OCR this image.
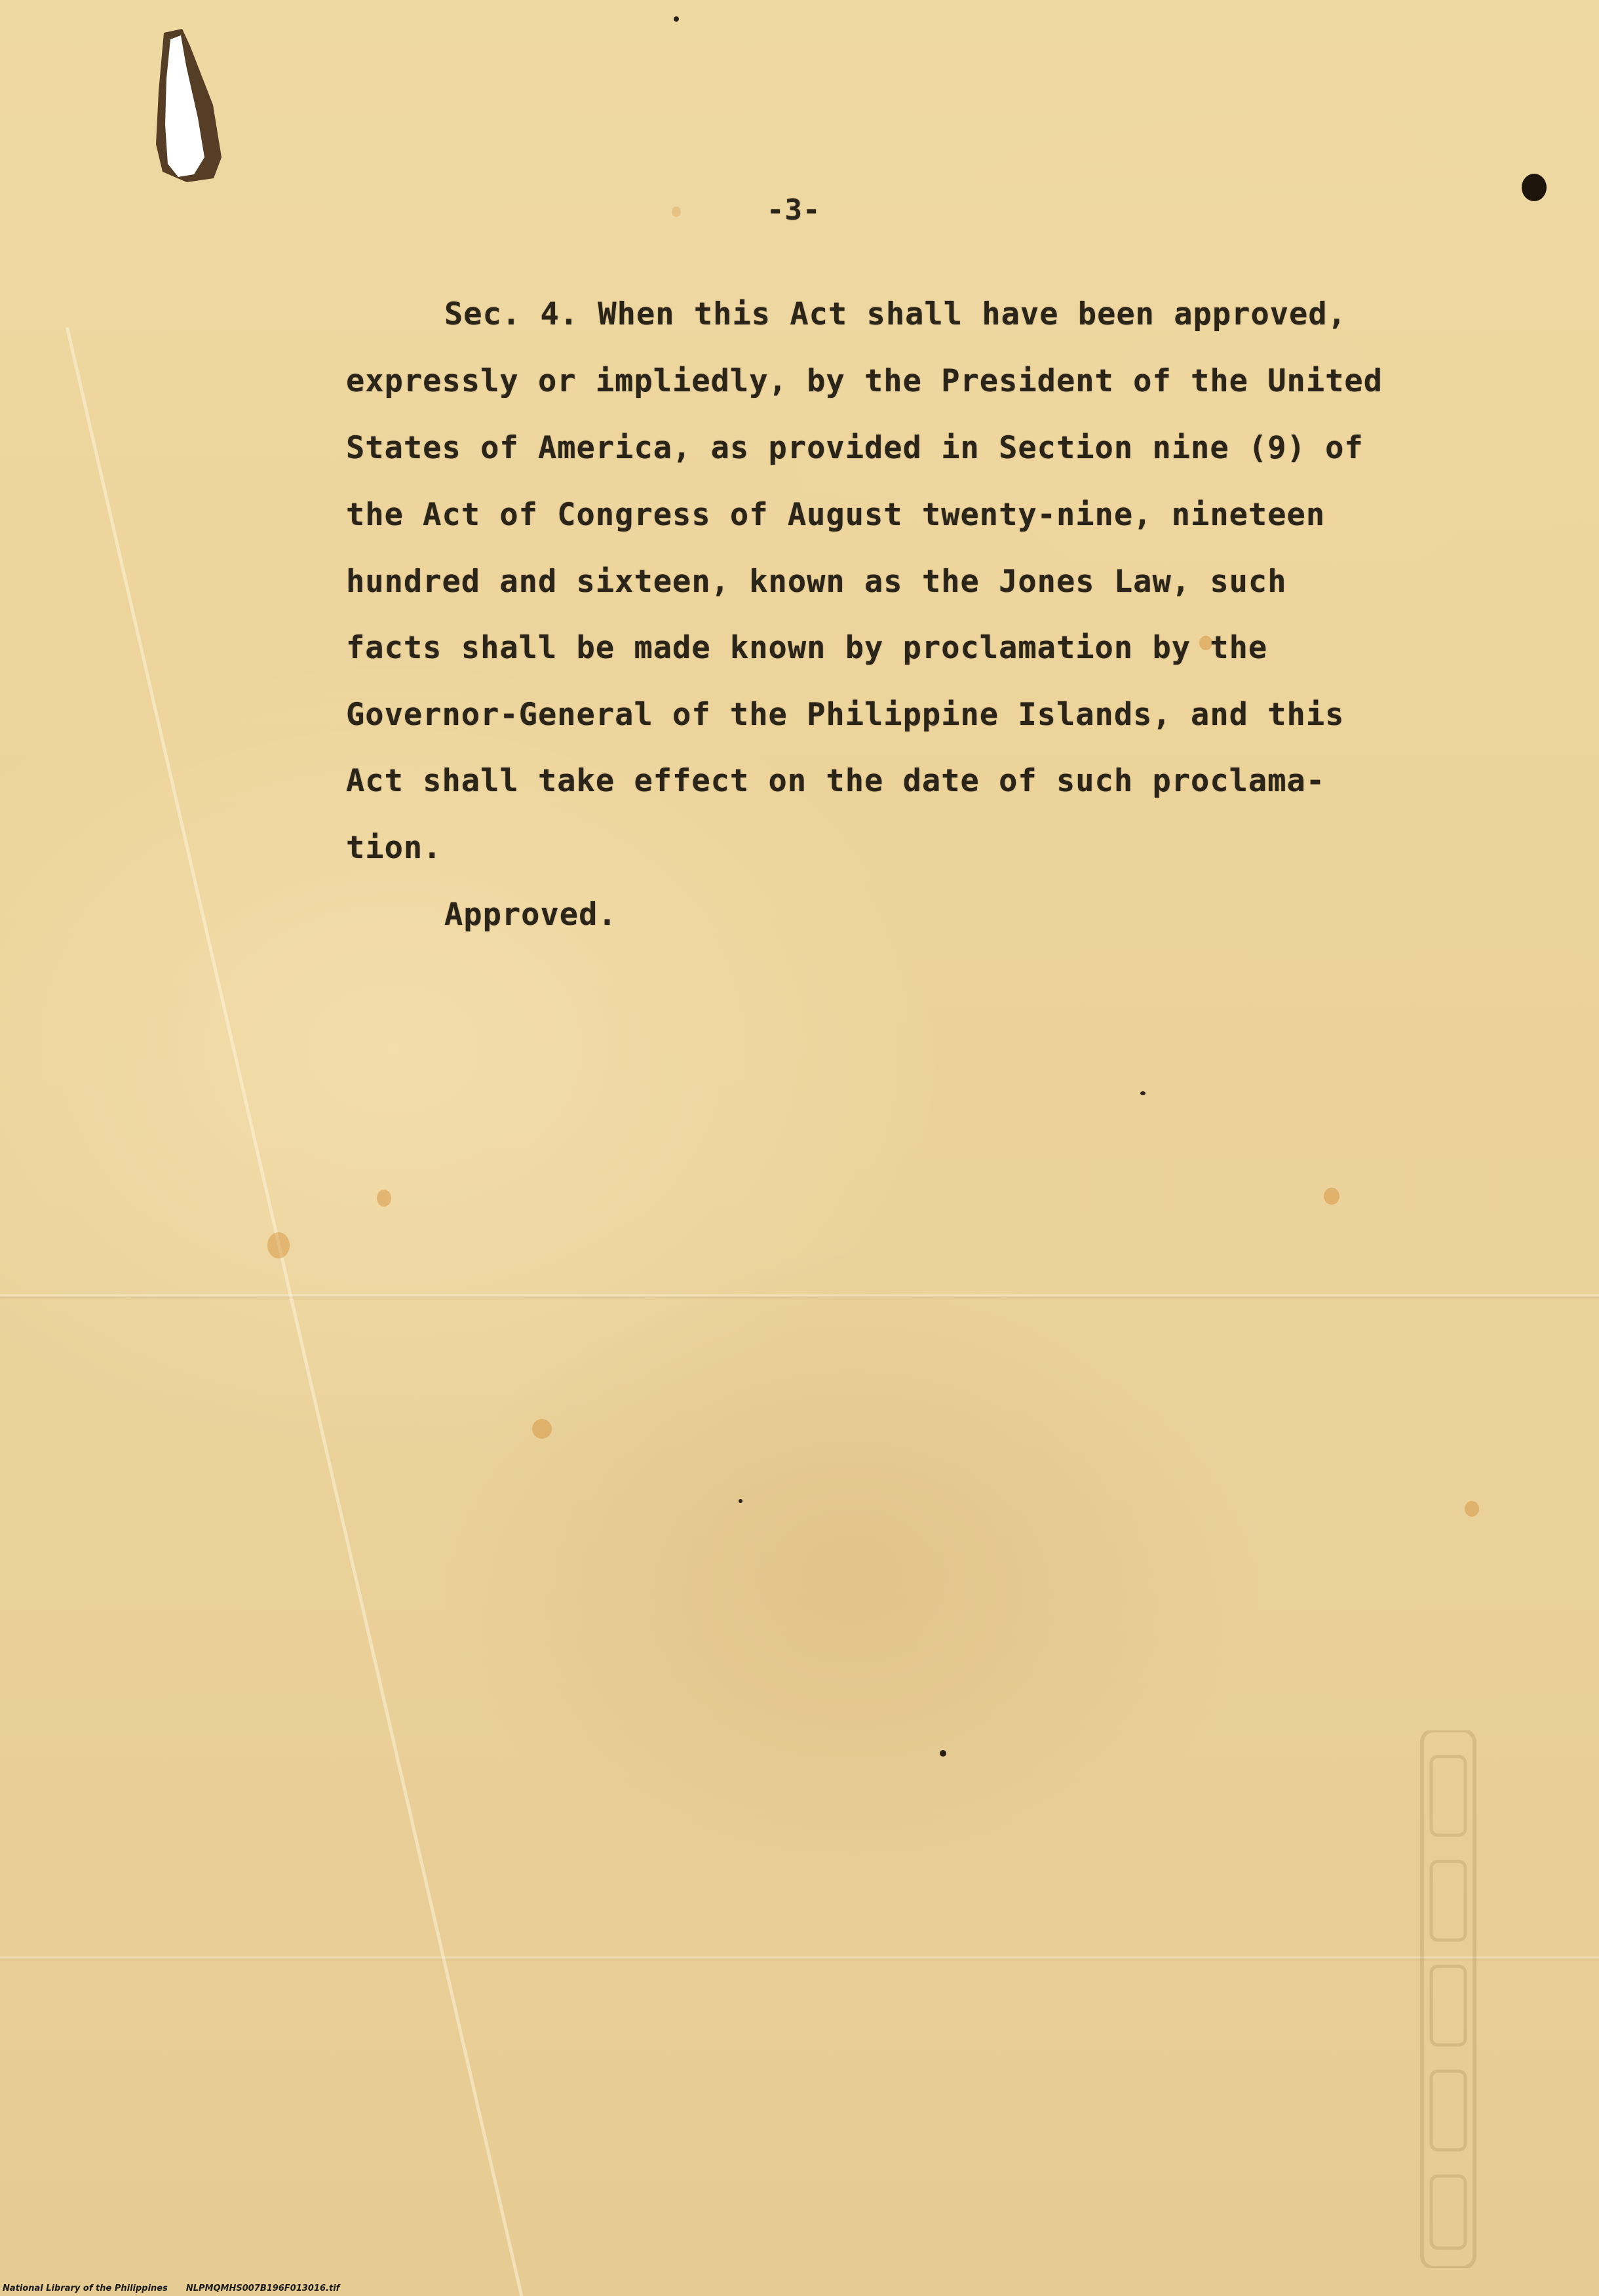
-3-
Sec. 4. When this Act shall have been approved,
expressly or impliedly, by the President of the United
States of America, as provided in Section nine (9) of
the Act of Congress of August twenty-nine, nineteen
hundred and sixteen, known as the Jones Law, such
facts shall be made known by proclamation by the
Governor-General of the Philippine Islands, and this
Act shall take effect on the date of such proclama-
tion.
Approved.
National Library of the Philippines NLPMQMHS007B196F013016.tif
